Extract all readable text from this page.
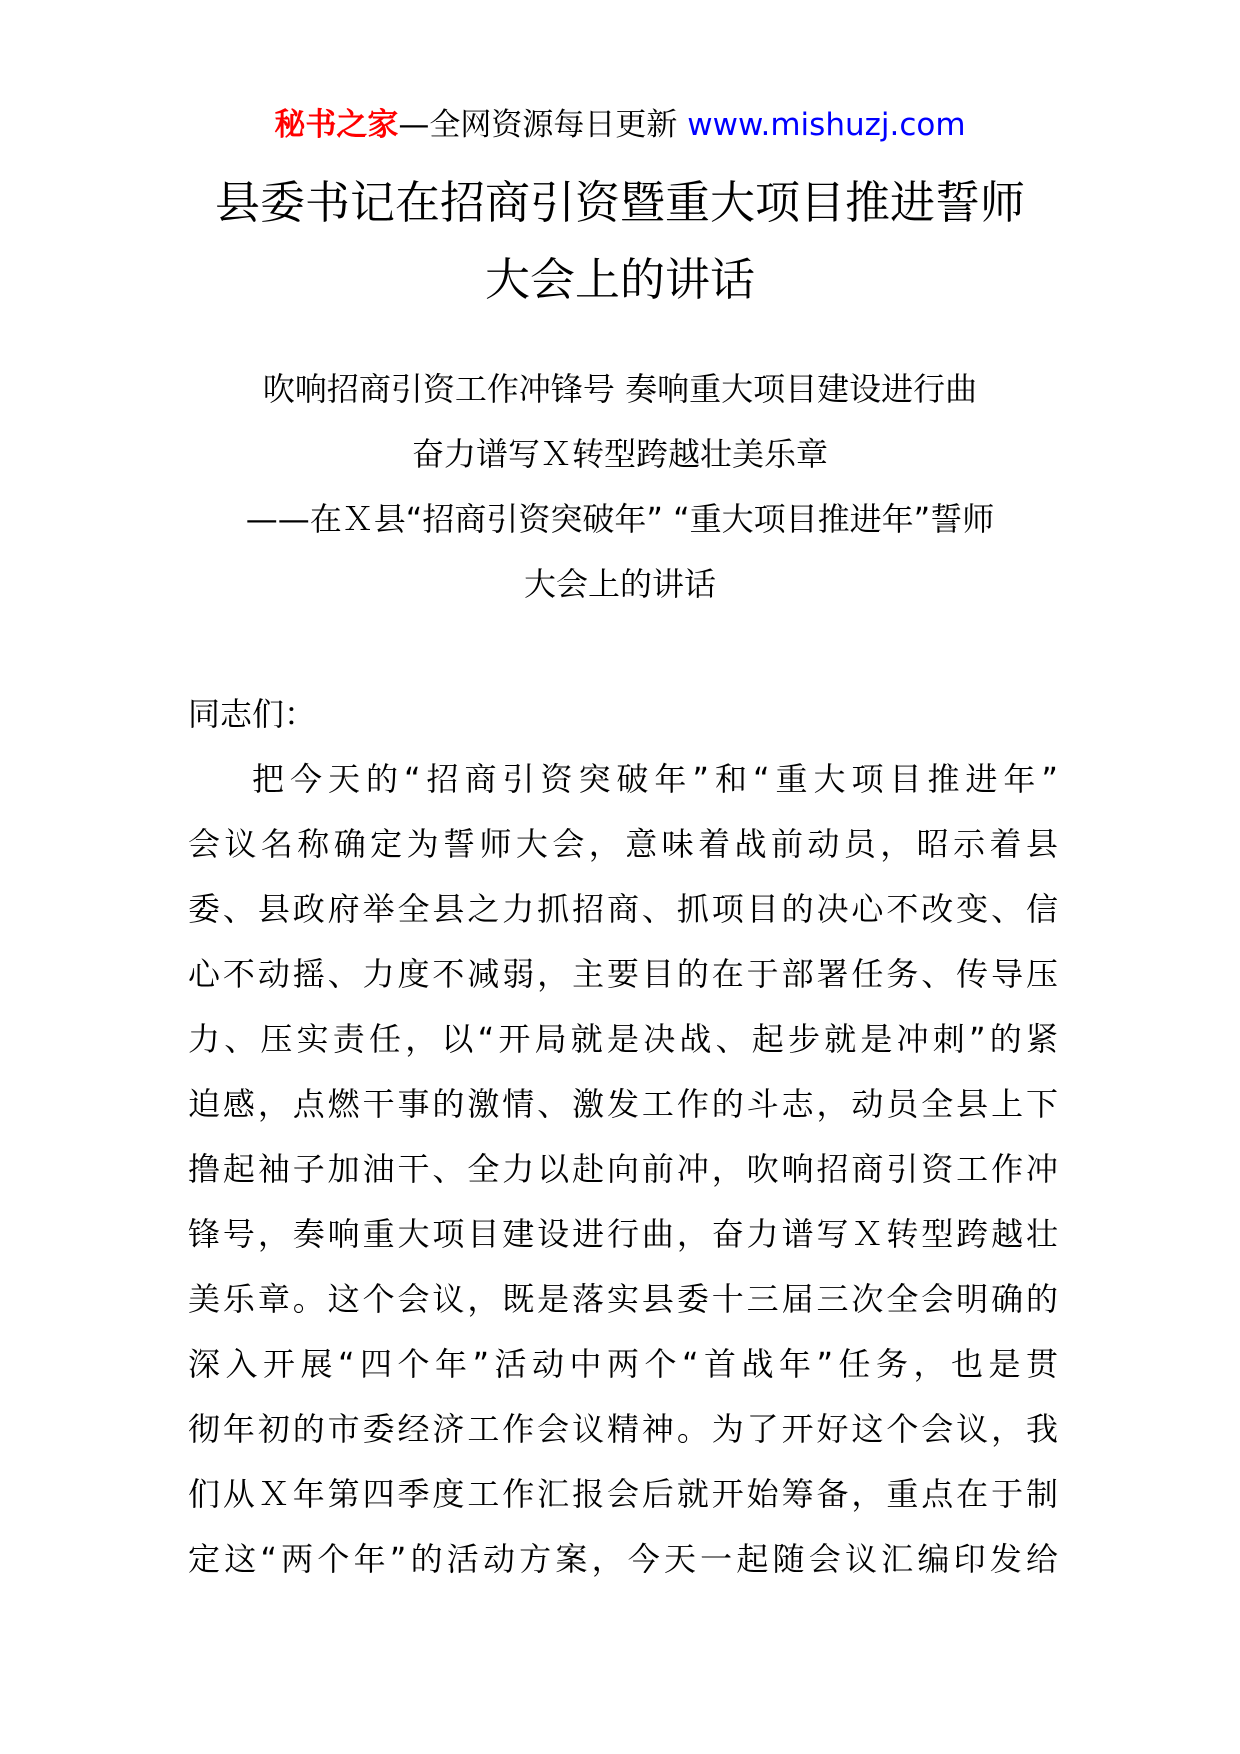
秘书之家—全网资源每日更新 www.mishuzj.com
县委书记在招商引资暨重大项目推进誓师
大会上的讲话
吹响招商引资工作冲锋号 奏响重大项目建设进行曲
奋力谱写Ｘ转型跨越壮美乐章
——在Ｘ县“招商引资突破年” “重大项目推进年”誓师
大会上的讲话
同志们：
把今天的“招商引资突破年”和“重大项目推进年”
会议名称确定为誓师大会，意味着战前动员，昭示着县
委、县政府举全县之力抓招商、抓项目的决心不改变、信
心不动摇、力度不减弱，主要目的在于部署任务、传导压
力、压实责任，以“开局就是决战、起步就是冲刺”的紧
迫感，点燃干事的激情、激发工作的斗志，动员全县上下
撸起袖子加油干、全力以赴向前冲，吹响招商引资工作冲
锋号，奏响重大项目建设进行曲，奋力谱写Ｘ转型跨越壮
美乐章。这个会议，既是落实县委十三届三次全会明确的
深入开展“四个年”活动中两个“首战年”任务，也是贯
彻年初的市委经济工作会议精神。为了开好这个会议，我
们从Ｘ年第四季度工作汇报会后就开始筹备，重点在于制
定这“两个年”的活动方案，今天一起随会议汇编印发给
